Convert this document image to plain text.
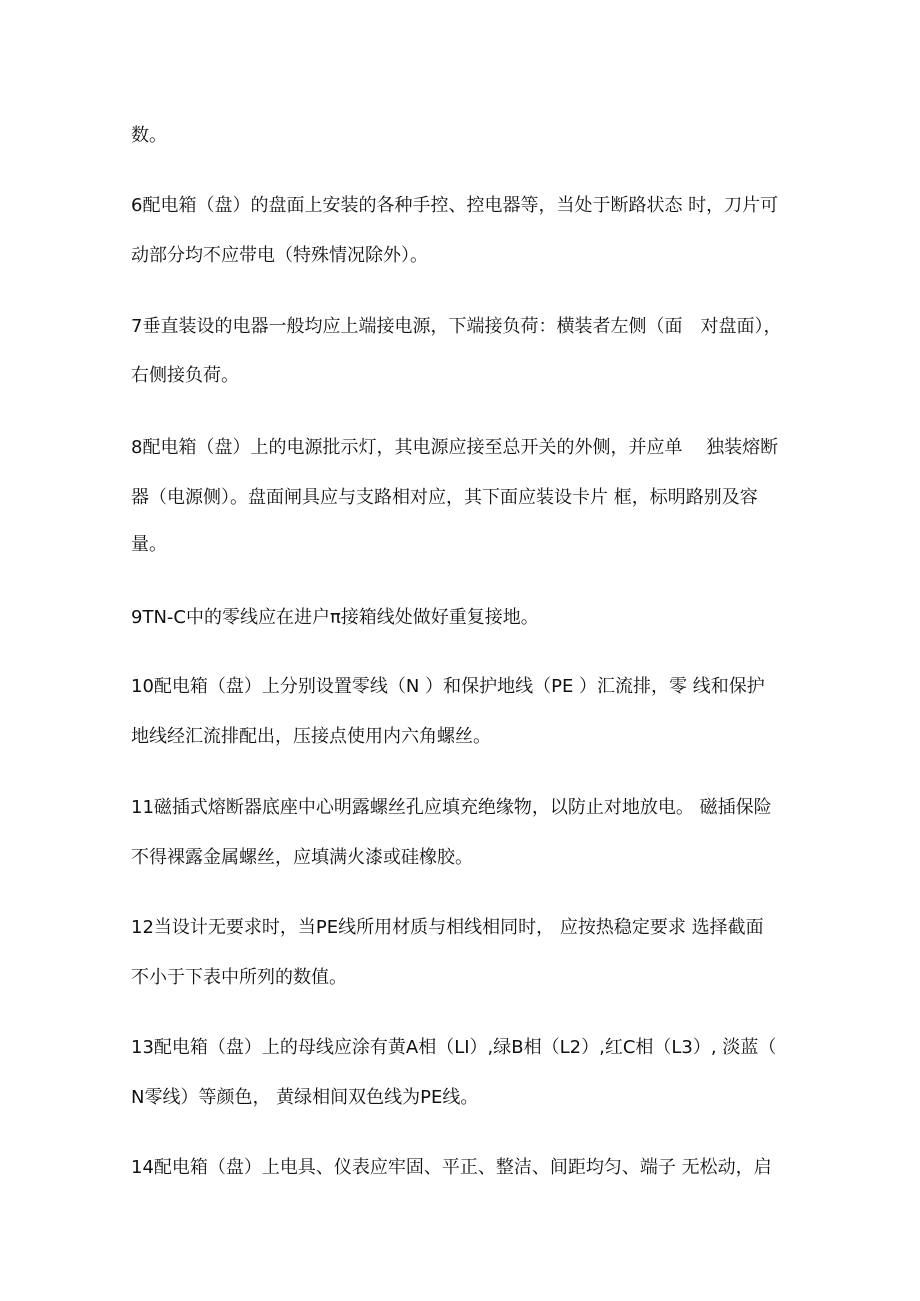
数。
6配电箱（盘）的盘面上安装的各种手控、控电器等，当处于断路状态 时，刀片可
动部分均不应带电（特殊情况除外）。
7垂直装设的电器一般均应上端接电源，下端接负荷：横装者左侧（面　对盘面），
右侧接负荷。
8配电箱（盘）上的电源批示灯，其电源应接至总开关的外侧，并应单　 独装熔断
器（电源侧）。盘面闸具应与支路相对应，其下面应装设卡片 框，标明路别及容
量。
9TN-C中的零线应在进户π接箱线处做好重复接地。
10配电箱（盘）上分别设置零线（N ）和保护地线（PE ）汇流排，零 线和保护
地线经汇流排配出，压接点使用内六角螺丝。
11磁插式熔断器底座中心明露螺丝孔应填充绝缘物，以防止对地放电。 磁插保险
不得裸露金属螺丝，应填满火漆或硅橡胶。
12当设计无要求时，当PE线所用材质与相线相同时， 应按热稳定要求 选择截面
不小于下表中所列的数值。
13配电箱（盘）上的母线应涂有黄A相（LI）,绿B相（L2）,红C相（L3）, 淡蓝（
N零线）等颜色， 黄绿相间双色线为PE线。
14配电箱（盘）上电具、仪表应牢固、平正、整洁、间距均匀、端子 无松动，启
